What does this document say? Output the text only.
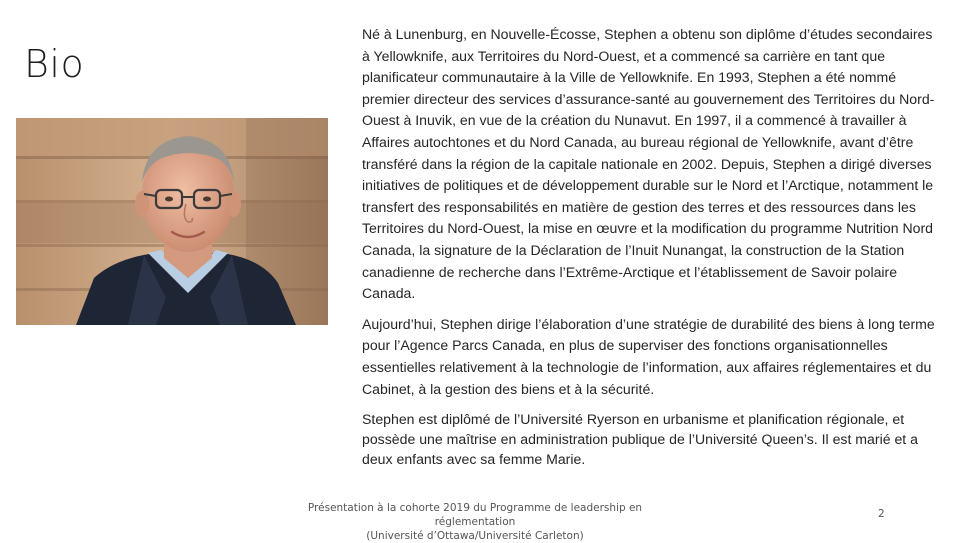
Bio

Né à Lunenburg, en Nouvelle-Écosse, Stephen a obtenu son diplôme d’études secondaires à Yellowknife, aux Territoires du Nord-Ouest, et a commencé sa carrière en tant que planificateur communautaire à la Ville de Yellowknife. En 1993, Stephen a été nommé premier directeur des services d’assurance-santé au gouvernement des Territoires du Nord-Ouest à Inuvik, en vue de la création du Nunavut. En 1997, il a commencé à travailler à Affaires autochtones et du Nord Canada, au bureau régional de Yellowknife, avant d’être transféré dans la région de la capitale nationale en 2002. Depuis, Stephen a dirigé diverses initiatives de politiques et de développement durable sur le Nord et l’Arctique, notamment le transfert des responsabilités en matière de gestion des terres et des ressources dans les Territoires du Nord-Ouest, la mise en œuvre et la modification du programme Nutrition Nord Canada, la signature de la Déclaration de l’Inuit Nunangat, la construction de la Station canadienne de recherche dans l’Extrême-Arctique et l’établissement de Savoir polaire Canada.

Aujourd’hui, Stephen dirige l’élaboration d’une stratégie de durabilité des biens à long terme pour l’Agence Parcs Canada, en plus de superviser des fonctions organisationnelles essentielles relativement à la technologie de l’information, aux affaires réglementaires et du Cabinet, à la gestion des biens et à la sécurité.

Stephen est diplômé de l’Université Ryerson en urbanisme et planification régionale, et possède une maîtrise en administration publique de l’Université Queen’s. Il est marié et a deux enfants avec sa femme Marie.

Présentation à la cohorte 2019 du Programme de leadership en réglementation
(Université d’Ottawa/Université Carleton)
2
